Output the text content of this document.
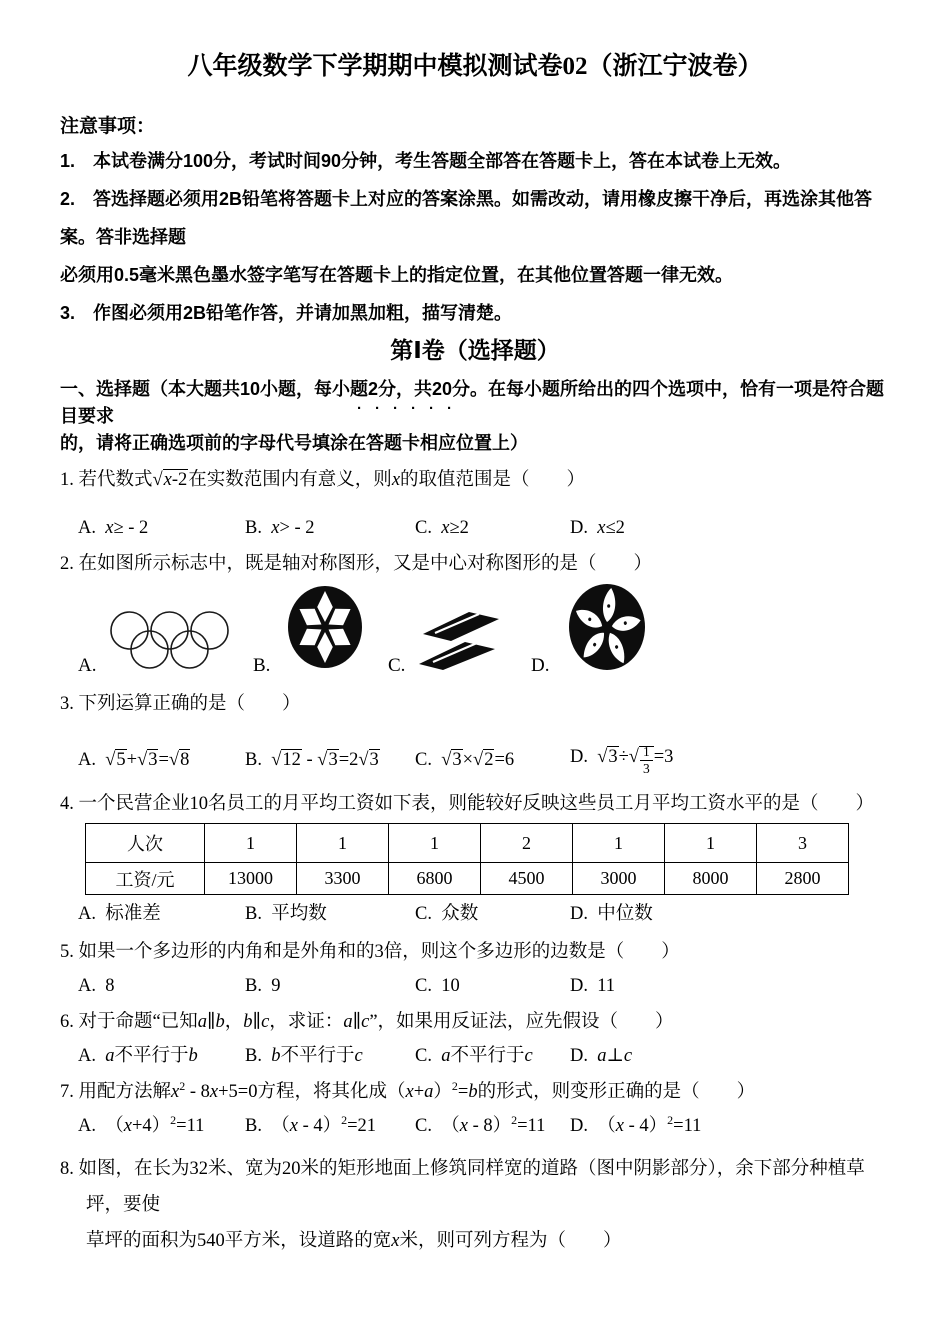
八年级数学下学期期中模拟测试卷02（浙江宁波卷）

注意事项：

1.　本试卷满分100分，考试时间90分钟，考生答题全部答在答题卡上，答在本试卷上无效。

2.　答选择题必须用2B铅笔将答题卡上对应的答案涂黑。如需改动，请用橡皮擦干净后，再选涂其他答案。答非选择题

必须用0.5毫米黑色墨水签字笔写在答题卡上的指定位置，在其他位置答题一律无效。

3.　作图必须用2B铅笔作答，并请加黑加粗，描写清楚。

第Ⅰ卷（选择题）
······
一、选择题（本大题共10小题，每小题2分，共20分。在每小题所给出的四个选项中，恰有一项是符合题目要求
的，请将正确选项前的字母代号填涂在答题卡相应位置上）

1. 若代数式√x-2在实数范围内有意义，则x的取值范围是（　　）

A.  x≥ - 2	B.  x> - 2	C.  x≥2	D.  x≤2

2. 在如图所示标志中，既是轴对称图形，又是中心对称图形的是（　　）

A.	B.	C.	D.

3. 下列运算正确的是（　　）

A.  √5+√3=√8	B.  √12 - √3=2√3	C.  √3×√2=6	D.  $√3\div√ \frac{1}{3} =3$

4. 一个民营企业10名员工的月平均工资如下表，则能较好反映这些员工月平均工资水平的是（　　）

人次	1	1	1	2	1	1	3
工资/元	13000	3300	6800	4500	3000	8000	2800
A.  标准差	B.  平均数	C.  众数	D.  中位数

5. 如果一个多边形的内角和是外角和的3倍，则这个多边形的边数是（　　）

A.  8	B.  9	C.  10	D.  11

6. 对于命题“已知a∥b，b∥c，求证：a∥c”，如果用反证法，应先假设（　　）

A.  a不平行于b	B.  b不平行于c	C.  a不平行于c	D.  a⊥c

7. 用配方法解$x^2 - 8x+5=0$方程，将其化成$(x+a)^2=b$的形式，则变形正确的是（　　）

A.  $(x+4)^2=11$	B.  （x - 4）$^2$=21	C.  （x - 8）$^2$=11	D.  （x - 4）$^2$=11

8. 如图，在长为32米、宽为20米的矩形地面上修筑同样宽的道路（图中阴影部分），余下部分种植草坪，要使
草坪的面积为540平方米，设道路的宽x米，则可列方程为（　　）
